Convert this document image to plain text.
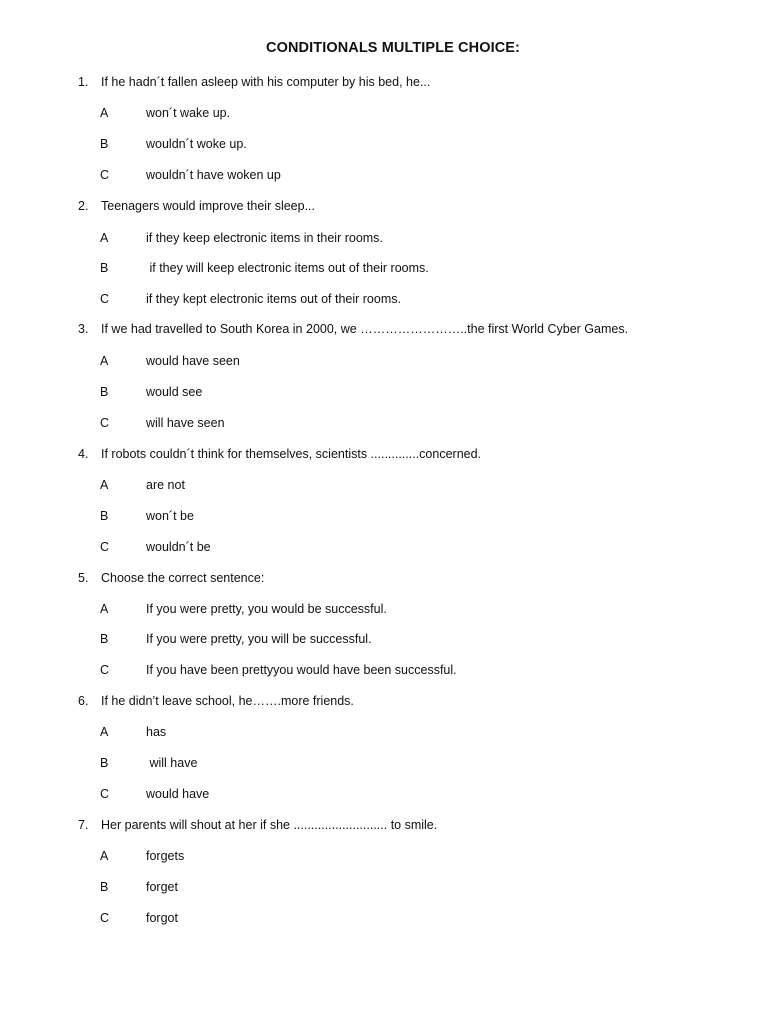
CONDITIONALS MULTIPLE CHOICE:
1. If he hadn´t fallen asleep with his computer by his bed, he...
A	won´t wake up.
B	wouldn´t woke up.
C	wouldn´t have woken up
2. Teenagers would improve their sleep...
A	if they keep electronic items in their rooms.
B	if they will keep electronic items out of their rooms.
C	if they kept electronic items out of their rooms.
3. If we had travelled to South Korea in 2000, we ……………………..the first World Cyber Games.
A	would have seen
B	would see
C	will have seen
4. If robots couldn´t think for themselves, scientists ..............concerned.
A	are not
B	won´t be
C	wouldn´t be
5. Choose the correct sentence:
A	If you were pretty, you would be successful.
B	If you were pretty, you will be successful.
C	If you have been prettyyou would have been successful.
6. If he didn’t leave school, he…….more friends.
A	has
B	will have
C	would have
7. Her parents will shout at her if she ........................... to smile.
A	forgets
B	forget
C	forgot
